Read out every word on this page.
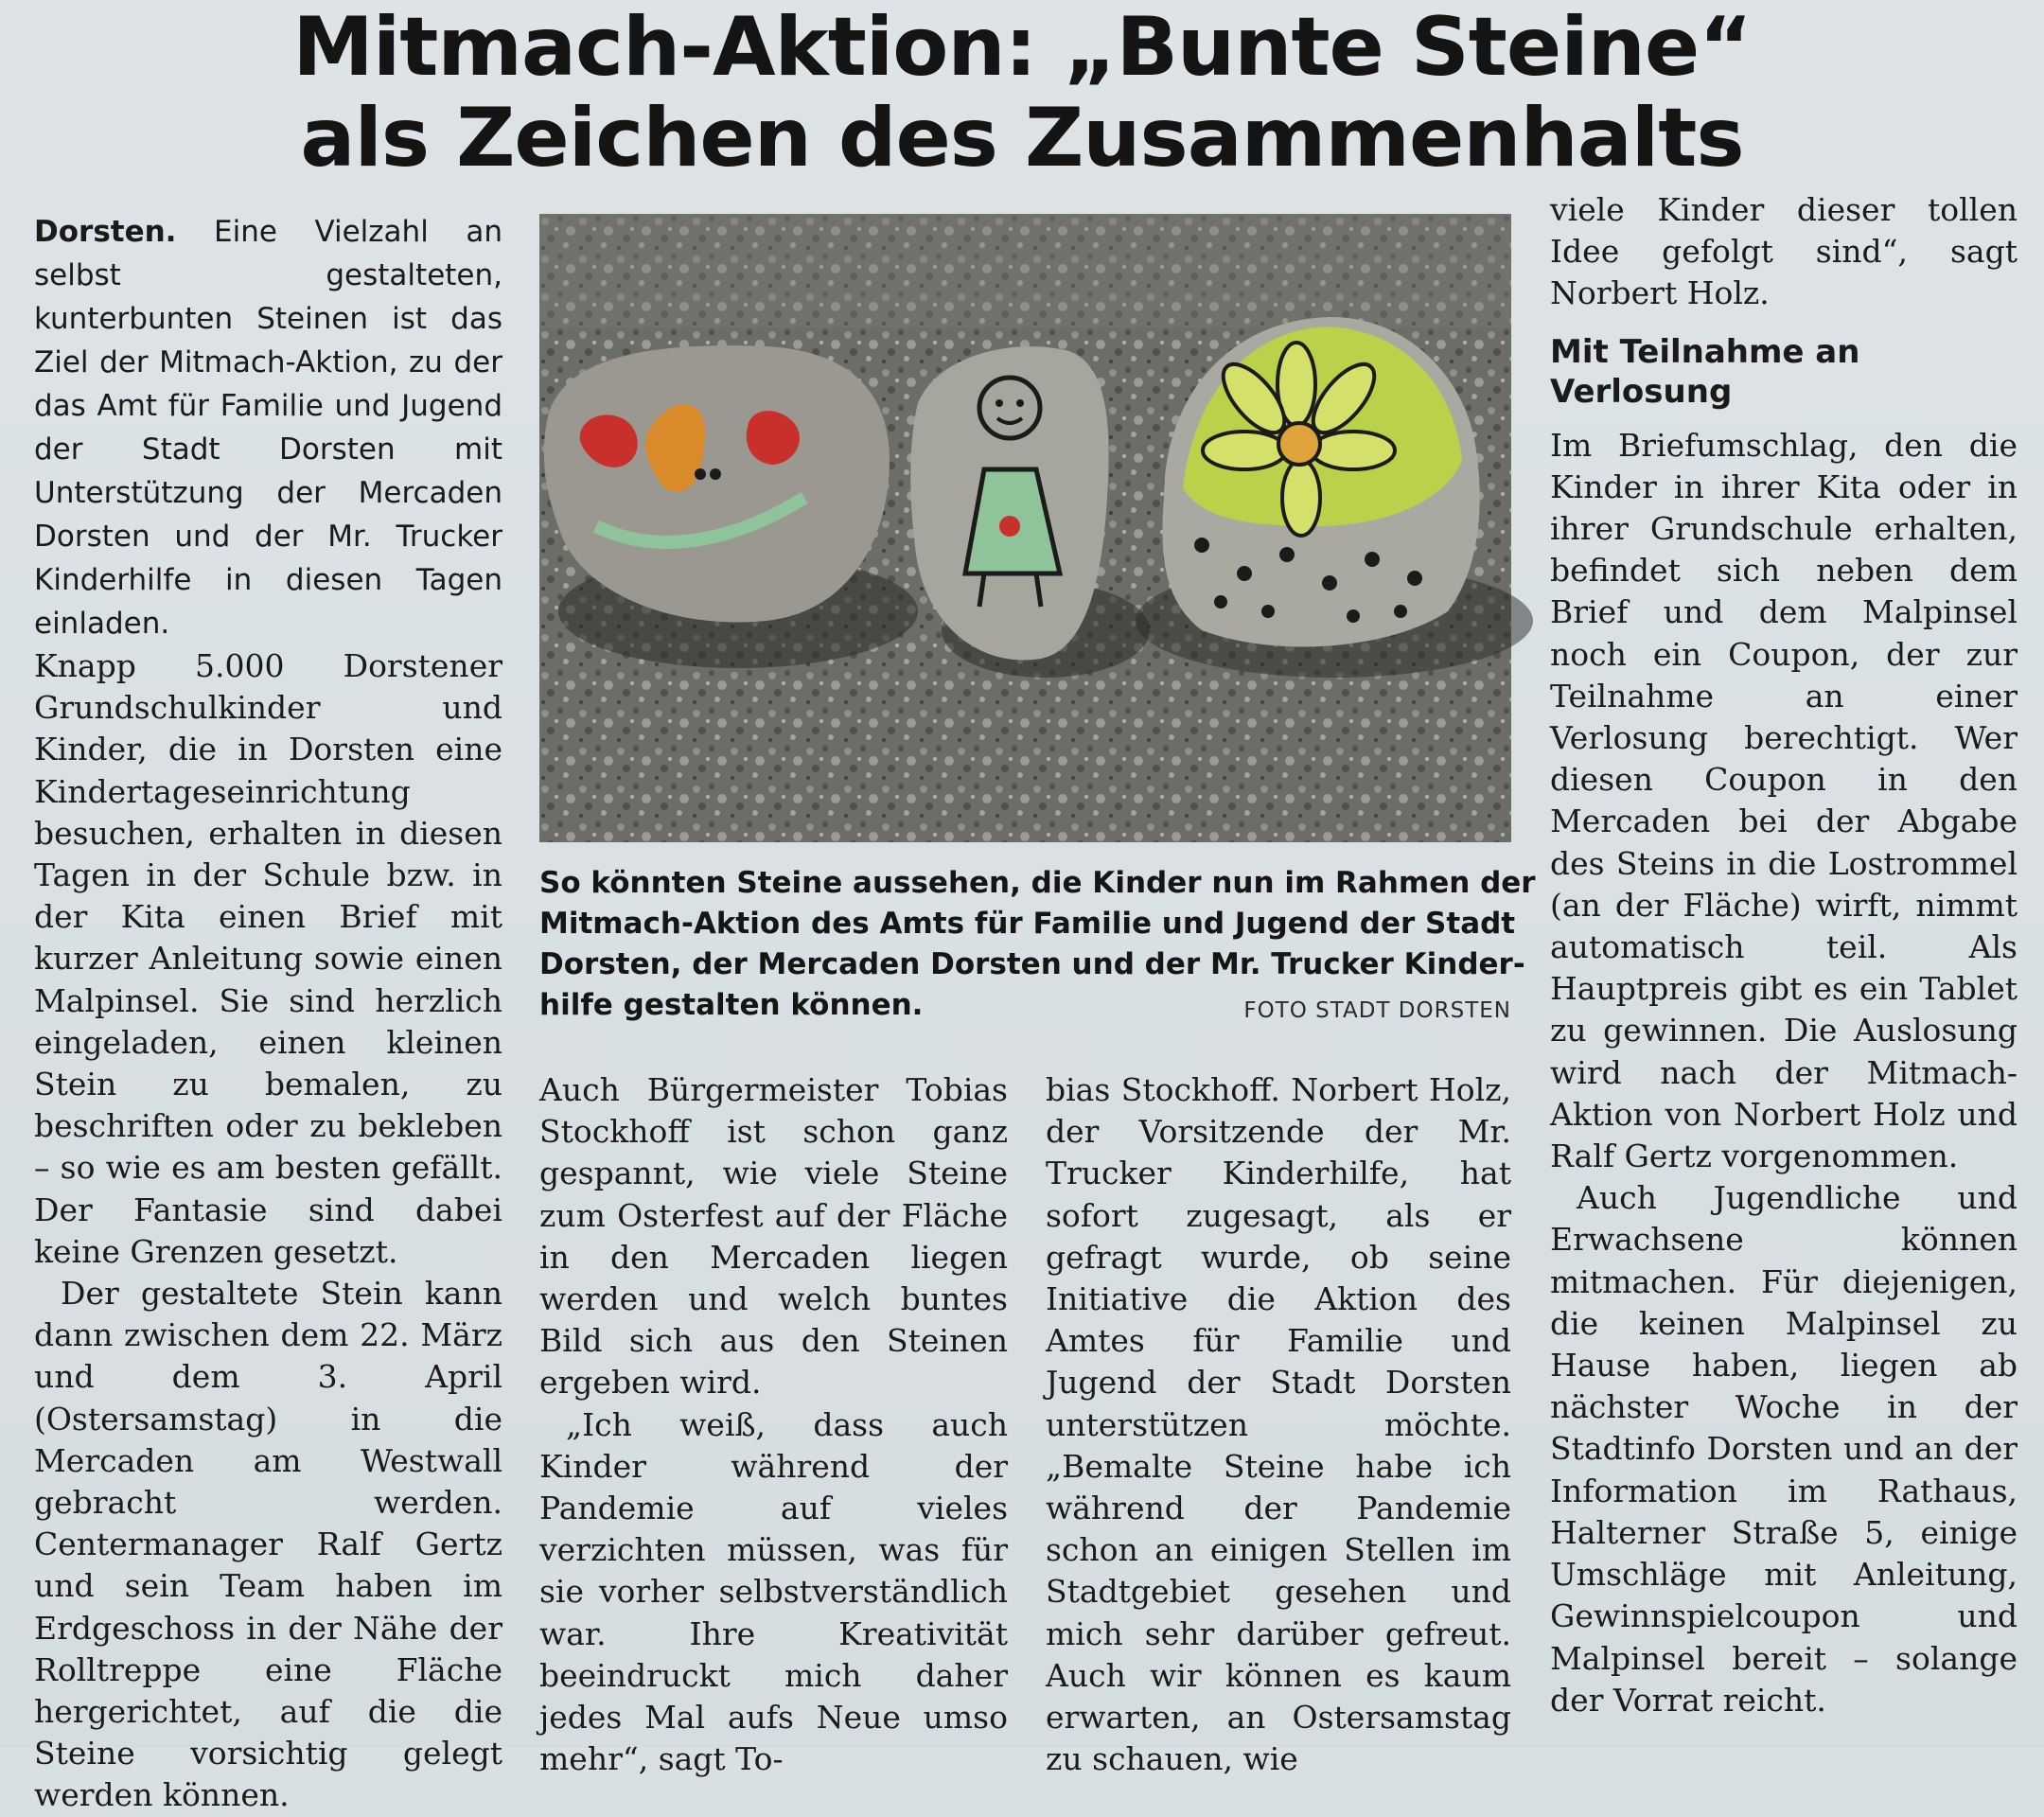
Mitmach-Aktion: „Bunte Steine“
als Zeichen des Zusammenhalts

Dorsten. Eine Vielzahl an selbst gestalteten, kunterbunten Steinen ist das Ziel der Mitmach-Aktion, zu der das Amt für Familie und Jugend der Stadt Dorsten mit Unterstützung der Mercaden Dorsten und der Mr. Trucker Kinderhilfe in diesen Tagen einladen.

Knapp 5.000 Dorstener Grundschulkinder und Kinder, die in Dorsten eine Kindertageseinrichtung besuchen, erhalten in diesen Tagen in der Schule bzw. in der Kita einen Brief mit kurzer Anleitung sowie einen Malpinsel. Sie sind herzlich eingeladen, einen kleinen Stein zu bemalen, zu beschriften oder zu bekleben – so wie es am besten gefällt. Der Fantasie sind dabei keine Grenzen gesetzt.

Der gestaltete Stein kann dann zwischen dem 22. März und dem 3. April (Ostersamstag) in die Mercaden am Westwall gebracht werden. Centermanager Ralf Gertz und sein Team haben im Erdgeschoss in der Nähe der Rolltreppe eine Fläche hergerichtet, auf die die Steine vorsichtig gelegt werden können.

So könnten Steine aussehen, die Kinder nun im Rahmen der
Mitmach-Aktion des Amts für Familie und Jugend der Stadt
Dorsten, der Mercaden Dorsten und der Mr. Trucker Kinder-
hilfe gestalten können.	FOTO STADT DORSTEN

Auch Bürgermeister Tobias Stockhoff ist schon ganz gespannt, wie viele Steine zum Osterfest auf der Fläche in den Mercaden liegen werden und welch buntes Bild sich aus den Steinen ergeben wird.

„Ich weiß, dass auch Kinder während der Pandemie auf vieles verzichten müssen, was für sie vorher selbstverständlich war. Ihre Kreativität beeindruckt mich daher jedes Mal aufs Neue umso mehr“, sagt To-

bias Stockhoff. Norbert Holz, der Vorsitzende der Mr. Trucker Kinderhilfe, hat sofort zugesagt, als er gefragt wurde, ob seine Initiative die Aktion des Amtes für Familie und Jugend der Stadt Dorsten unterstützen möchte. „Bemalte Steine habe ich während der Pandemie schon an einigen Stellen im Stadtgebiet gesehen und mich sehr darüber gefreut. Auch wir können es kaum erwarten, an Ostersamstag zu schauen, wie

viele Kinder dieser tollen Idee gefolgt sind“, sagt Norbert Holz.

Mit Teilnahme an Verlosung

Im Briefumschlag, den die Kinder in ihrer Kita oder in ihrer Grundschule erhalten, befindet sich neben dem Brief und dem Malpinsel noch ein Coupon, der zur Teilnahme an einer Verlosung berechtigt. Wer diesen Coupon in den Mercaden bei der Abgabe des Steins in die Lostrommel (an der Fläche) wirft, nimmt automatisch teil. Als Hauptpreis gibt es ein Tablet zu gewinnen. Die Auslosung wird nach der Mitmach-Aktion von Norbert Holz und Ralf Gertz vorgenommen.

Auch Jugendliche und Erwachsene können mitmachen. Für diejenigen, die keinen Malpinsel zu Hause haben, liegen ab nächster Woche in der Stadtinfo Dorsten und an der Information im Rathaus, Halterner Straße 5, einige Umschläge mit Anleitung, Gewinnspielcoupon und Malpinsel bereit – solange der Vorrat reicht.
